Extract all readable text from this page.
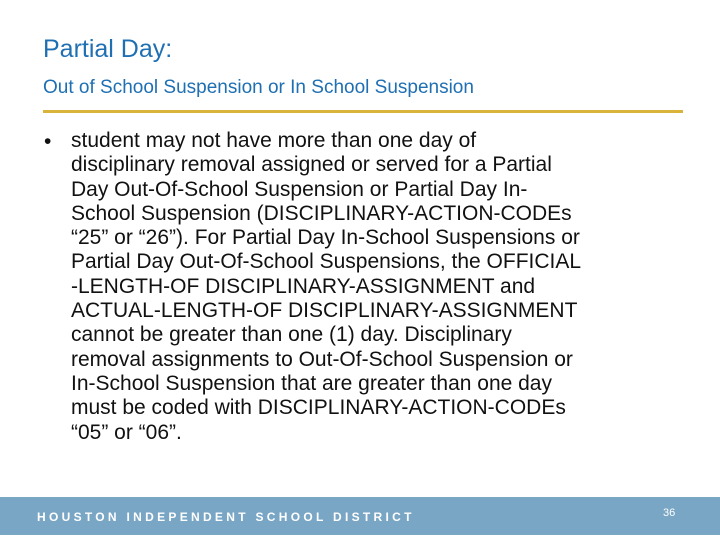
Partial Day:
Out of School Suspension or In School Suspension
• student may not have more than one day of
disciplinary removal assigned or served for a Partial
Day Out-Of-School Suspension or Partial Day In-
School Suspension (DISCIPLINARY-ACTION-CODEs
“25” or “26”). For Partial Day In-School Suspensions or
Partial Day Out-Of-School Suspensions, the OFFICIAL
-LENGTH-OF DISCIPLINARY-ASSIGNMENT and
ACTUAL-LENGTH-OF DISCIPLINARY-ASSIGNMENT
cannot be greater than one (1) day. Disciplinary
removal assignments to Out-Of-School Suspension or
In-School Suspension that are greater than one day
must be coded with DISCIPLINARY-ACTION-CODEs
“05” or “06”.
HOUSTON INDEPENDENT SCHOOL DISTRICT	36
